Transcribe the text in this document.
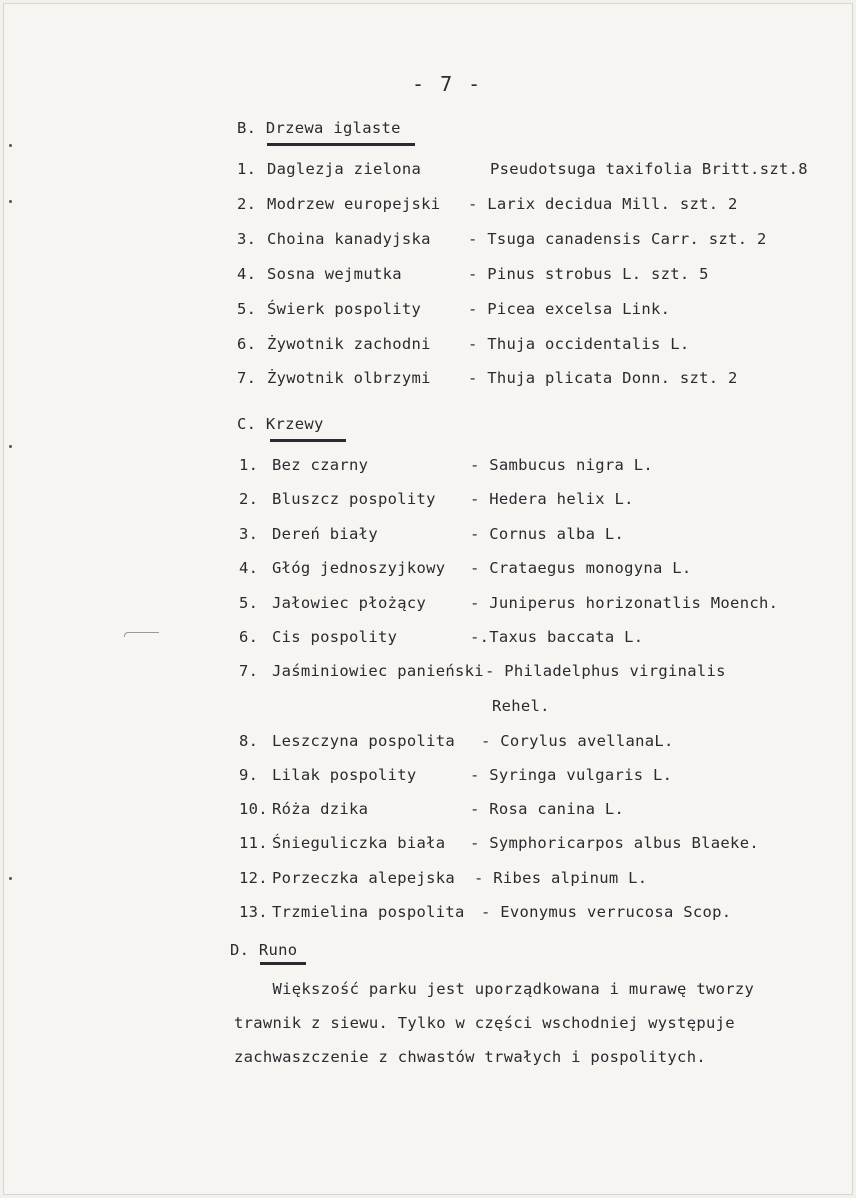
- 7 -
B. Drzewa iglaste
1. Daglezja zielona	Pseudotsuga taxifolia Britt.szt.8
2. Modrzew europejski - Larix decidua Mill. szt. 2
3. Choina kanadyjska - Tsuga canadensis Carr. szt. 2
4. Sosna wejmutka	- Pinus strobus L. szt. 5
5. Świerk pospolity	- Picea excelsa Link.
6. Żywotnik zachodni - Thuja occidentalis L.
7. Żywotnik olbrzymi - Thuja plicata Donn. szt. 2
C. Krzewy
1. Bez czarny	- Sambucus nigra L.
2. Bluszcz pospolity - Hedera helix L.
3. Dereń biały	- Cornus alba L.
4. Głóg jednoszyjkowy - Crataegus monogyna L.
5. Jałowiec płożący	- Juniperus horizonatlis Moench.
6. Cis pospolity	-.Taxus baccata L.
7. Jaśminiowiec panieński - Philadelphus virginalis
Rehel.
8. Leszczyna pospolita - Corylus avellanaL.
9. Lilak pospolity	- Syringa vulgaris L.
10. Róża dzika	- Rosa canina L.
11. Śnieguliczka biała - Symphoricarpos albus Blaeke.
12. Porzeczka alepejska - Ribes alpinum L.
13. Trzmielina pospolita - Evonymus verrucosa Scop.
D. Runo
Większość parku jest uporządkowana i murawę tworzy
trawnik z siewu. Tylko w części wschodniej występuje
zachwaszczenie z chwastów trwałych i pospolitych.
